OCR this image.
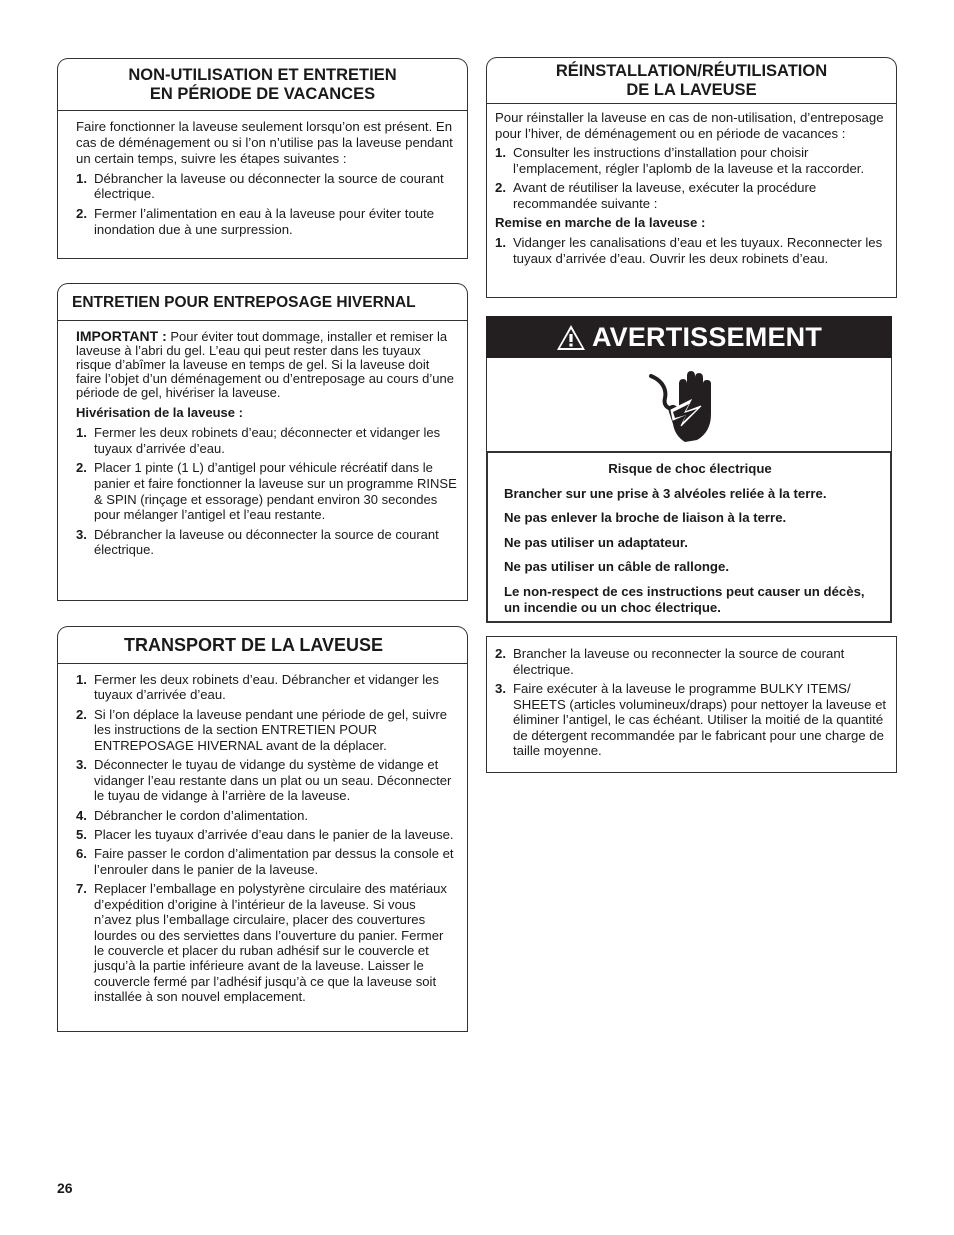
NON-UTILISATION ET ENTRETIEN
EN PÉRIODE DE VACANCES

Faire fonctionner la laveuse seulement lorsqu’on est présent. En cas de déménagement ou si l’on n’utilise pas la laveuse pendant un certain temps, suivre les étapes suivantes :

1. Débrancher la laveuse ou déconnecter la source de courant électrique.
2. Fermer l’alimentation en eau à la laveuse pour éviter toute inondation due à une surpression.
ENTRETIEN POUR ENTREPOSAGE HIVERNAL

IMPORTANT : Pour éviter tout dommage, installer et remiser la laveuse à l’abri du gel. L’eau qui peut rester dans les tuyaux risque d’abîmer la laveuse en temps de gel. Si la laveuse doit faire l’objet d’un déménagement ou d’entreposage au cours d’une période de gel, hivériser la laveuse.

Hivérisation de la laveuse :

1. Fermer les deux robinets d’eau; déconnecter et vidanger les tuyaux d’arrivée d’eau.
2. Placer 1 pinte (1 L) d’antigel pour véhicule récréatif dans le panier et faire fonctionner la laveuse sur un programme RINSE & SPIN (rinçage et essorage) pendant environ 30 secondes pour mélanger l’antigel et l’eau restante.
3. Débrancher la laveuse ou déconnecter la source de courant électrique.
TRANSPORT DE LA LAVEUSE
1. Fermer les deux robinets d’eau. Débrancher et vidanger les tuyaux d’arrivée d’eau.
2. Si l’on déplace la laveuse pendant une période de gel, suivre les instructions de la section ENTRETIEN POUR ENTREPOSAGE HIVERNAL avant de la déplacer.
3. Déconnecter le tuyau de vidange du système de vidange et vidanger l’eau restante dans un plat ou un seau. Déconnecter le tuyau de vidange à l’arrière de la laveuse.
4. Débrancher le cordon d’alimentation.
5. Placer les tuyaux d’arrivée d’eau dans le panier de la laveuse.
6. Faire passer le cordon d’alimentation par dessus la console et l’enrouler dans le panier de la laveuse.
7. Replacer l’emballage en polystyrène circulaire des matériaux d’expédition d’origine à l’intérieur de la laveuse. Si vous n’avez plus l’emballage circulaire, placer des couvertures lourdes ou des serviettes dans l’ouverture du panier. Fermer le couvercle et placer du ruban adhésif sur le couvercle et jusqu’à la partie inférieure avant de la laveuse. Laisser le couvercle fermé par l’adhésif jusqu’à ce que la laveuse soit installée à son nouvel emplacement.
RÉINSTALLATION/RÉUTILISATION
DE LA LAVEUSE

Pour réinstaller la laveuse en cas de non-utilisation, d’entreposage pour l’hiver, de déménagement ou en période de vacances :

1. Consulter les instructions d’installation pour choisir l’emplacement, régler l’aplomb de la laveuse et la raccorder.
2. Avant de réutiliser la laveuse, exécuter la procédure recommandée suivante :

Remise en marche de la laveuse :

1. Vidanger les canalisations d’eau et les tuyaux. Reconnecter les tuyaux d’arrivée d’eau. Ouvrir les deux robinets d’eau.
AVERTISSEMENT

Risque de choc électrique

Brancher sur une prise à 3 alvéoles reliée à la terre.

Ne pas enlever la broche de liaison à la terre.

Ne pas utiliser un adaptateur.

Ne pas utiliser un câble de rallonge.

Le non-respect de ces instructions peut causer un décès, un incendie ou un choc électrique.

2. Brancher la laveuse ou reconnecter la source de courant électrique.
3. Faire exécuter à la laveuse le programme BULKY ITEMS/ SHEETS (articles volumineux/draps) pour nettoyer la laveuse et éliminer l’antigel, le cas échéant. Utiliser la moitié de la quantité de détergent recommandée par le fabricant pour une charge de taille moyenne.
26
